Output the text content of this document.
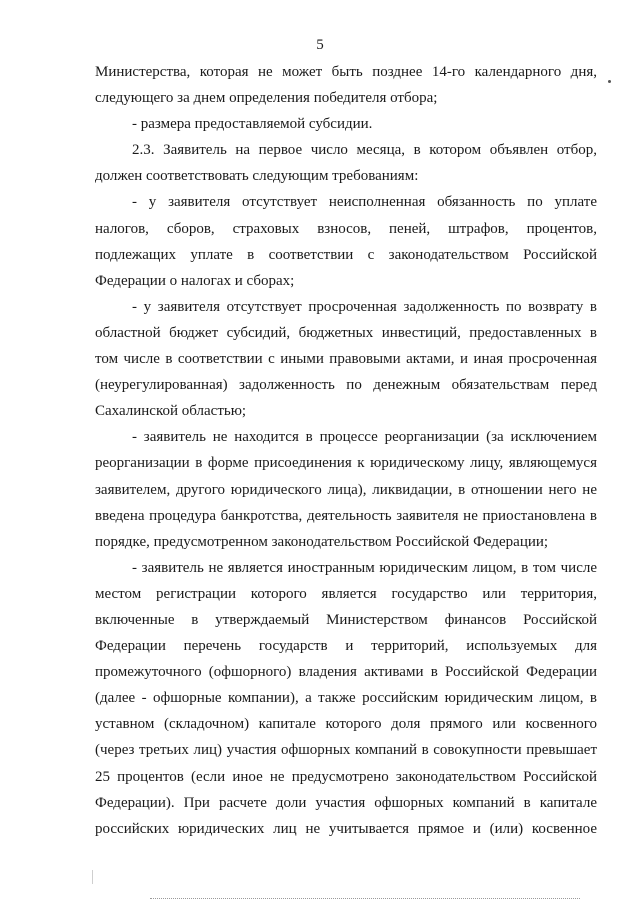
5
Министерства, которая не может быть позднее 14-го календарного дня,
следующего за днем определения победителя отбора;
- размера предоставляемой субсидии.
2.3. Заявитель на первое число месяца, в котором объявлен отбор,
должен соответствовать следующим требованиям:
- у заявителя отсутствует неисполненная обязанность по уплате
налогов, сборов, страховых взносов, пеней, штрафов, процентов,
подлежащих уплате в соответствии с законодательством Российской
Федерации о налогах и сборах;
- у заявителя отсутствует просроченная задолженность по возврату в
областной бюджет субсидий, бюджетных инвестиций, предоставленных в
том числе в соответствии с иными правовыми актами, и иная просроченная
(неурегулированная) задолженность по денежным обязательствам перед
Сахалинской областью;
- заявитель не находится в процессе реорганизации (за исключением
реорганизации в форме присоединения к юридическому лицу, являющемуся
заявителем, другого юридического лица), ликвидации, в отношении него не
введена процедура банкротства, деятельность заявителя не приостановлена в
порядке, предусмотренном законодательством Российской Федерации;
- заявитель не является иностранным юридическим лицом, в том числе
местом регистрации которого является государство или территория,
включенные в утверждаемый Министерством финансов Российской
Федерации перечень государств и территорий, используемых для
промежуточного (офшорного) владения активами в Российской Федерации
(далее - офшорные компании), а также российским юридическим лицом, в
уставном (складочном) капитале которого доля прямого или косвенного
(через третьих лиц) участия офшорных компаний в совокупности превышает
25 процентов (если иное не предусмотрено законодательством Российской
Федерации). При расчете доли участия офшорных компаний в капитале
российских юридических лиц не учитывается прямое и (или) косвенное
